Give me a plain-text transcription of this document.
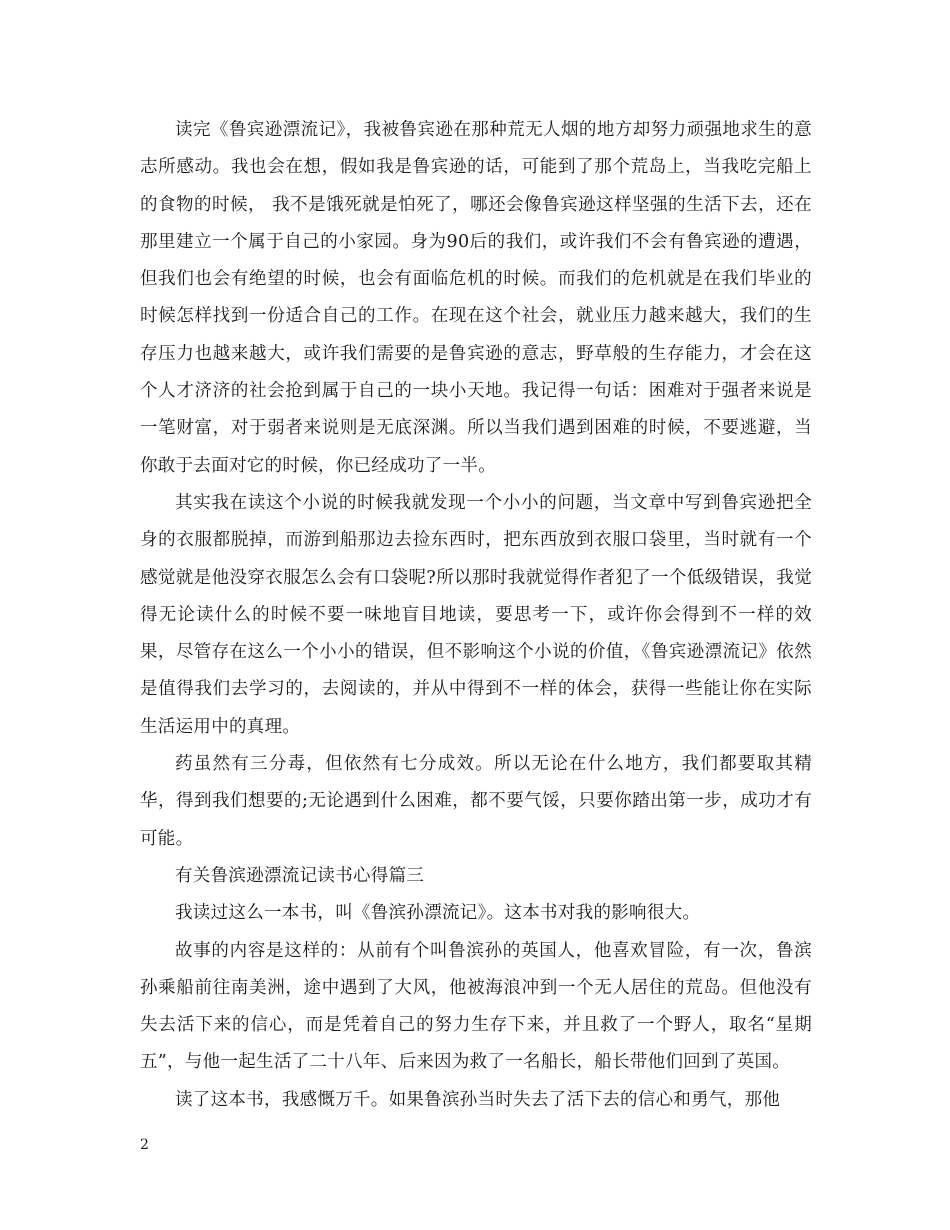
读完《鲁宾逊漂流记》，我被鲁宾逊在那种荒无人烟的地方却努力顽强地求生的意志所感动。我也会在想，假如我是鲁宾逊的话，可能到了那个荒岛上，当我吃完船上的食物的时候， 我不是饿死就是怕死了，哪还会像鲁宾逊这样坚强的生活下去，还在那里建立一个属于自己的小家园。身为90后的我们，或许我们不会有鲁宾逊的遭遇，但我们也会有绝望的时候，也会有面临危机的时候。而我们的危机就是在我们毕业的时候怎样找到一份适合自己的工作。在现在这个社会，就业压力越来越大，我们的生存压力也越来越大，或许我们需要的是鲁宾逊的意志，野草般的生存能力，才会在这个人才济济的社会抢到属于自己的一块小天地。我记得一句话：困难对于强者来说是一笔财富，对于弱者来说则是无底深渊。所以当我们遇到困难的时候，不要逃避，当你敢于去面对它的时候，你已经成功了一半。

其实我在读这个小说的时候我就发现一个小小的问题，当文章中写到鲁宾逊把全身的衣服都脱掉，而游到船那边去捡东西时，把东西放到衣服口袋里，当时就有一个感觉就是他没穿衣服怎么会有口袋呢?所以那时我就觉得作者犯了一个低级错误，我觉得无论读什么的时候不要一味地盲目地读，要思考一下，或许你会得到不一样的效果，尽管存在这么一个小小的错误，但不影响这个小说的价值，《鲁宾逊漂流记》依然是值得我们去学习的，去阅读的，并从中得到不一样的体会，获得一些能让你在实际生活运用中的真理。

药虽然有三分毒，但依然有七分成效。所以无论在什么地方，我们都要取其精华，得到我们想要的;无论遇到什么困难，都不要气馁，只要你踏出第一步，成功才有可能。

有关鲁滨逊漂流记读书心得篇三

我读过这么一本书，叫《鲁滨孙漂流记》。这本书对我的影响很大。

故事的内容是这样的：从前有个叫鲁滨孙的英国人，他喜欢冒险，有一次，鲁滨孙乘船前往南美洲，途中遇到了大风，他被海浪冲到一个无人居住的荒岛。但他没有失去活下来的信心，而是凭着自己的努力生存下来，并且救了一个野人，取名“星期五”，与他一起生活了二十八年、后来因为救了一名船长，船长带他们回到了英国。

读了这本书，我感慨万千。如果鲁滨孙当时失去了活下去的信心和勇气，那他

2
